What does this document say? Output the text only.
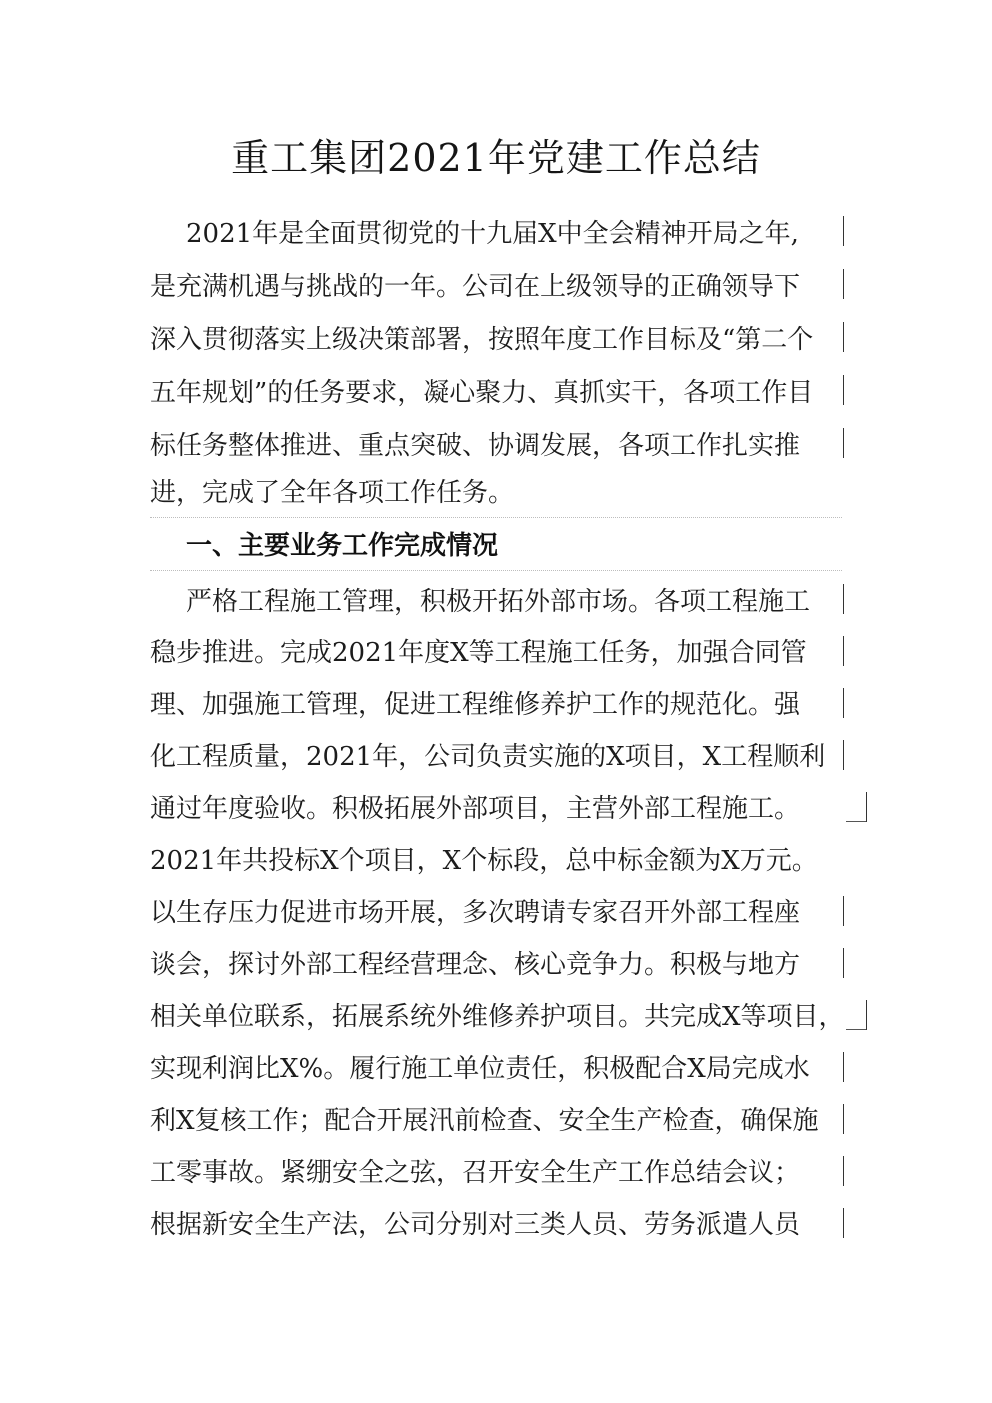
重工集团2021年党建工作总结
2021年是全面贯彻党的十九届X中全会精神开局之年,
是充满机遇与挑战的一年。公司在上级领导的正确领导下
深入贯彻落实上级决策部署，按照年度工作目标及“第二个
五年规划”的任务要求，凝心聚力、真抓实干，各项工作目
标任务整体推进、重点突破、协调发展，各项工作扎实推
进，完成了全年各项工作任务。
一、主要业务工作完成情况
严格工程施工管理，积极开拓外部市场。各项工程施工
稳步推进。完成2021年度X等工程施工任务，加强合同管
理、加强施工管理，促进工程维修养护工作的规范化。强
化工程质量，2021年，公司负责实施的X项目，X工程顺利
通过年度验收。积极拓展外部项目，主营外部工程施工。
2021年共投标X个项目，X个标段，总中标金额为X万元。
以生存压力促进市场开展，多次聘请专家召开外部工程座
谈会，探讨外部工程经营理念、核心竞争力。积极与地方
相关单位联系，拓展系统外维修养护项目。共完成X等项目，
实现利润比X%。履行施工单位责任，积极配合X局完成水
利X复核工作；配合开展汛前检查、安全生产检查，确保施
工零事故。紧绷安全之弦，召开安全生产工作总结会议；
根据新安全生产法，公司分别对三类人员、劳务派遣人员
